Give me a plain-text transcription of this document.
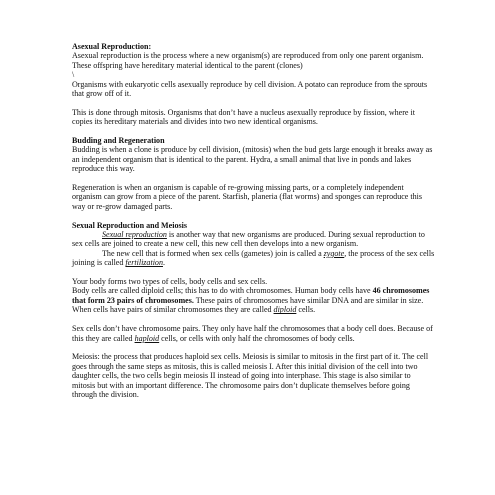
Asexual Reproduction:

Asexual reproduction is the process where a new organism(s) are reproduced from only one parent organism. These offspring have hereditary material identical to the parent (clones)

\

Organisms with eukaryotic cells asexually reproduce by cell division. A potato can reproduce from the sprouts that grow off of it.

This is done through mitosis. Organisms that don’t have a nucleus asexually reproduce by fission, where it copies its hereditary materials and divides into two new identical organisms.

Budding and Regeneration

Budding is when a clone is produce by cell division, (mitosis) when the bud gets large enough it breaks away as an independent organism that is identical to the parent. Hydra, a small animal that live in ponds and lakes reproduce this way.

Regeneration is when an organism is capable of re-growing missing parts, or a completely independent organism can grow from a piece of the parent. Starfish, planeria (flat worms) and sponges can reproduce this way or re-grow damaged parts.

Sexual Reproduction and Meiosis

Sexual reproduction is another way that new organisms are produced. During sexual reproduction to sex cells are joined to create a new cell, this new cell then develops into a new organism.

The new cell that is formed when sex cells (gametes) join is called a zygote, the process of the sex cells joining is called fertilization.

Your body forms two types of cells, body cells and sex cells.

Body cells are called diploid cells; this has to do with chromosomes. Human body cells have 46 chromosomes that form 23 pairs of chromosomes. These pairs of chromosomes have similar DNA and are similar in size. When cells have pairs of similar chromosomes they are called diploid cells.

Sex cells don’t have chromosome pairs. They only have half the chromosomes that a body cell does. Because of this they are called haploid cells, or cells with only half the chromosomes of body cells.

Meiosis: the process that produces haploid sex cells. Meiosis is similar to mitosis in the first part of it. The cell goes through the same steps as mitosis, this is called meiosis I. After this initial division of the cell into two daughter cells, the two cells begin meiosis II instead of going into interphase. This stage is also similar to mitosis but with an important difference. The chromosome pairs don’t duplicate themselves before going through the division.
